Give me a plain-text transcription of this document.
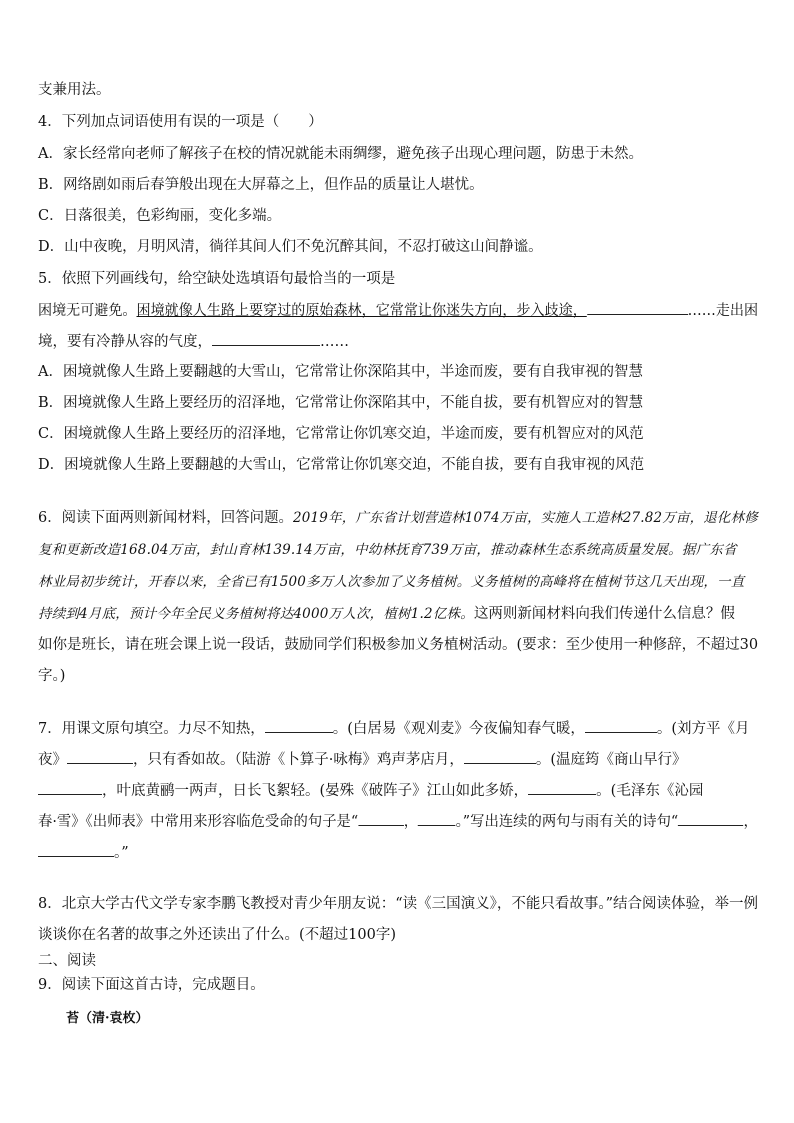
支兼用法。
4．下列加点词语使用有误的一项是（　　）
A．家长经常向老师了解孩子在校的情况就能未雨绸缪，避免孩子出现心理问题，防患于未然。
B．网络剧如雨后春笋般出现在大屏幕之上，但作品的质量让人堪忧。
C．日落很美，色彩绚丽，变化多端。
D．山中夜晚，月明风清，徜徉其间人们不免沉醉其间，不忍打破这山间静谧。
5．依照下列画线句，给空缺处选填语句最恰当的一项是
困境无可避免。困境就像人生路上要穿过的原始森林，它常常让你迷失方向，步入歧途，	……走出困
境，要有冷静从容的气度，	……
A．困境就像人生路上要翻越的大雪山，它常常让你深陷其中，半途而废，要有自我审视的智慧
B．困境就像人生路上要经历的沼泽地，它常常让你深陷其中，不能自拔，要有机智应对的智慧
C．困境就像人生路上要经历的沼泽地，它常常让你饥寒交迫，半途而废，要有机智应对的风范
D．困境就像人生路上要翻越的大雪山，它常常让你饥寒交迫，不能自拔，要有自我审视的风范
6．阅读下面两则新闻材料，回答问题。2019年，广东省计划营造林1074万亩，实施人工造林27.82万亩，退化林修
复和更新改造168.04万亩，封山育林139.14万亩，中幼林抚育739万亩，推动森林生态系统高质量发展。据广东省
林业局初步统计，开春以来，全省已有1500多万人次参加了义务植树。义务植树的高峰将在植树节这几天出现，一直
持续到4月底，预计今年全民义务植树将达4000万人次，植树1.2亿株。这两则新闻材料向我们传递什么信息？假
如你是班长，请在班会课上说一段话，鼓励同学们积极参加义务植树活动。(要求：至少使用一种修辞，不超过30
字。)
7．用课文原句填空。力尽不知热，	。(白居易《观刈麦》今夜偏知春气暖，	。(刘方平《月
夜》	，只有香如故。（陆游《卜算子·咏梅》鸡声茅店月，	。(温庭筠《商山早行》
，叶底黄鹂一两声，日长飞絮轻。(晏殊《破阵子》江山如此多娇，	。(毛泽东《沁园
春·雪》《出师表》中常用来形容临危受命的句子是“	，	。”写出连续的两句与雨有关的诗句“	，
。”
8．北京大学古代文学专家李鹏飞教授对青少年朋友说：“读《三国演义》，不能只看故事。”结合阅读体验，举一例
谈谈你在名著的故事之外还读出了什么。(不超过100字)
二、阅读
9．阅读下面这首古诗，完成题目。
苔（清·袁枚）
